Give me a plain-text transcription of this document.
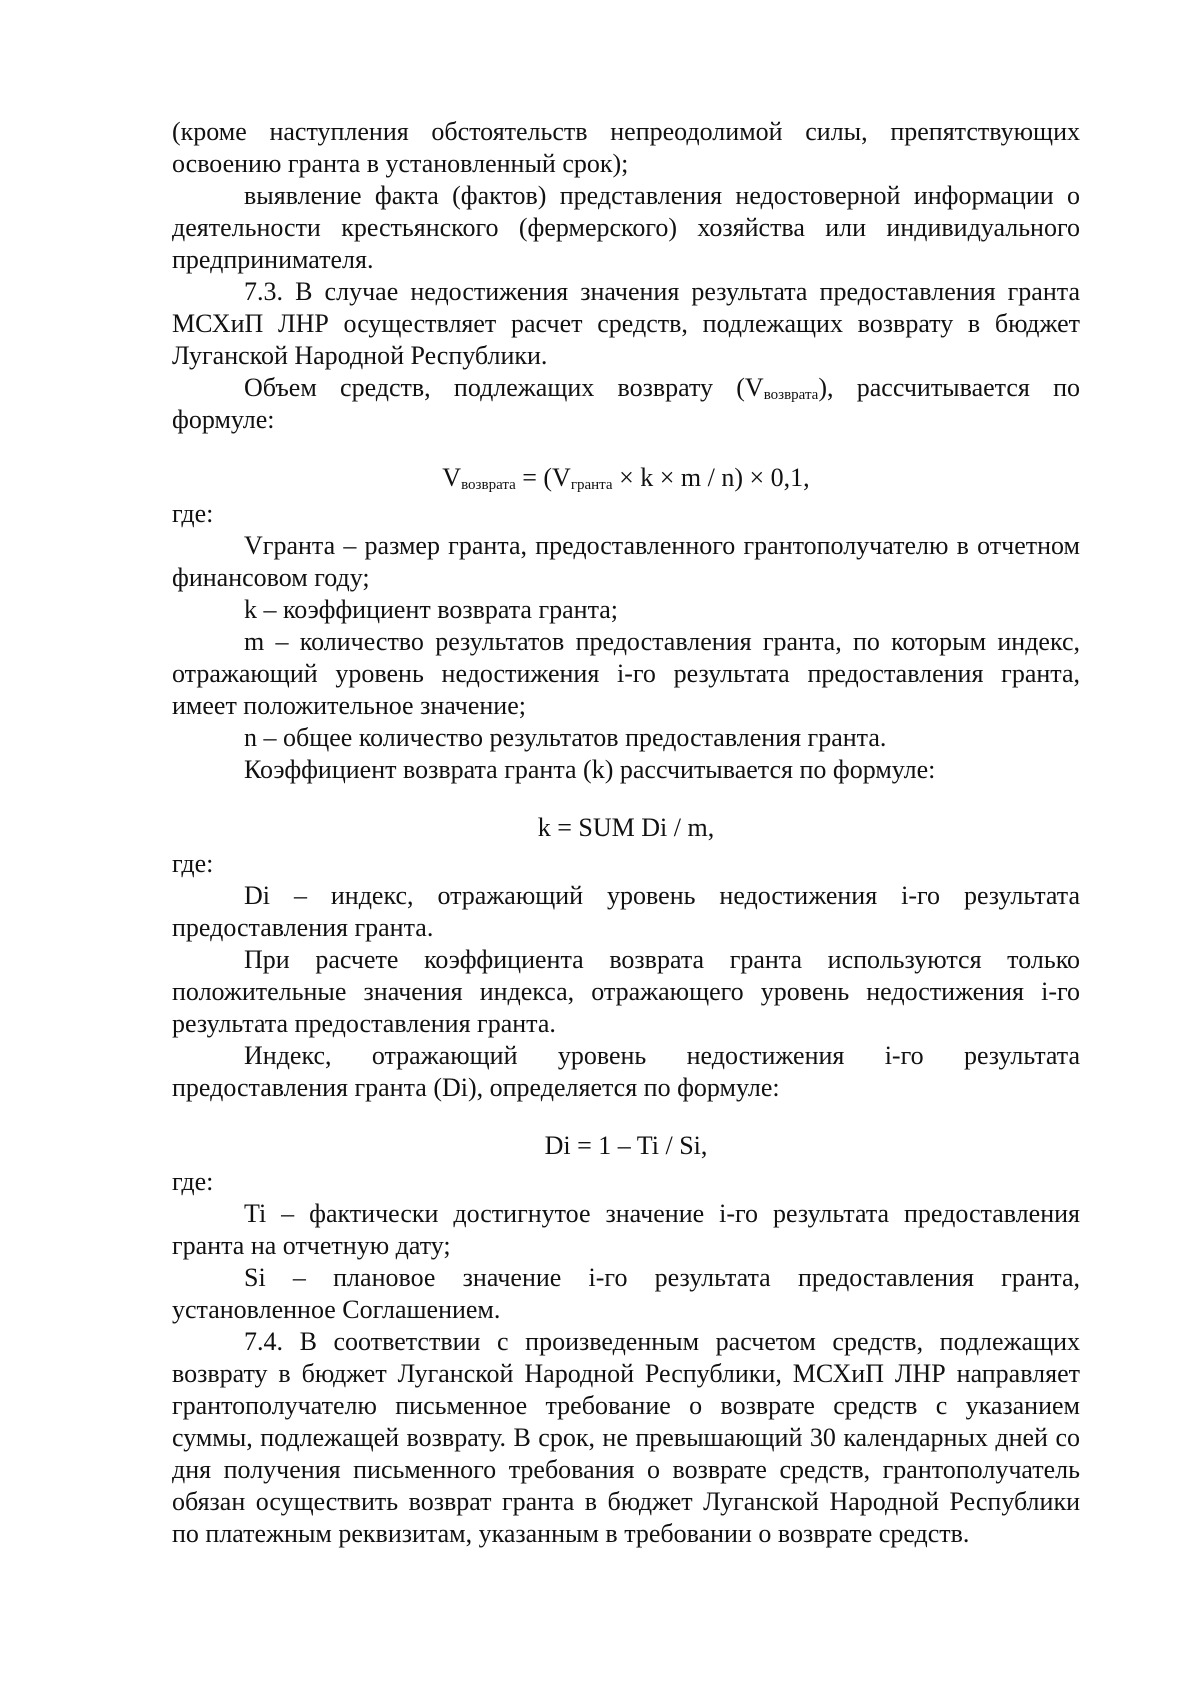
(кроме наступления обстоятельств непреодолимой силы, препятствующих освоению гранта в установленный срок);

выявление факта (фактов) представления недостоверной информации о деятельности крестьянского (фермерского) хозяйства или индивидуального предпринимателя.

7.3. В случае недостижения значения результата предоставления гранта МСХиП ЛНР осуществляет расчет средств, подлежащих возврату в бюджет Луганской Народной Республики.

Объем средств, подлежащих возврату $(V_{возврата})$, рассчитывается по формуле:

$V_{возврата} = (V_{гранта} \times k \times m / n) \times 0,1$,

где:

Vгранта – размер гранта, предоставленного грантополучателю в отчетном финансовом году;

k – коэффициент возврата гранта;

m – количество результатов предоставления гранта, по которым индекс, отражающий уровень недостижения i-го результата предоставления гранта, имеет положительное значение;

n – общее количество результатов предоставления гранта.

Коэффициент возврата гранта (k) рассчитывается по формуле:

k = SUM Di / m,

где:

Di – индекс, отражающий уровень недостижения i-го результата предоставления гранта.

При расчете коэффициента возврата гранта используются только положительные значения индекса, отражающего уровень недостижения i-го результата предоставления гранта.

Индекс, отражающий уровень недостижения i-го результата предоставления гранта (Di), определяется по формуле:

Di = 1 – Ti / Si,

где:

Ti – фактически достигнутое значение i-го результата предоставления гранта на отчетную дату;

Si – плановое значение i-го результата предоставления гранта, установленное Соглашением.

7.4. В соответствии с произведенным расчетом средств, подлежащих возврату в бюджет Луганской Народной Республики, МСХиП ЛНР направляет грантополучателю письменное требование о возврате средств с указанием суммы, подлежащей возврату. В срок, не превышающий 30 календарных дней со дня получения письменного требования о возврате средств, грантополучатель обязан осуществить возврат гранта в бюджет Луганской Народной Республики по платежным реквизитам, указанным в требовании о возврате средств.
